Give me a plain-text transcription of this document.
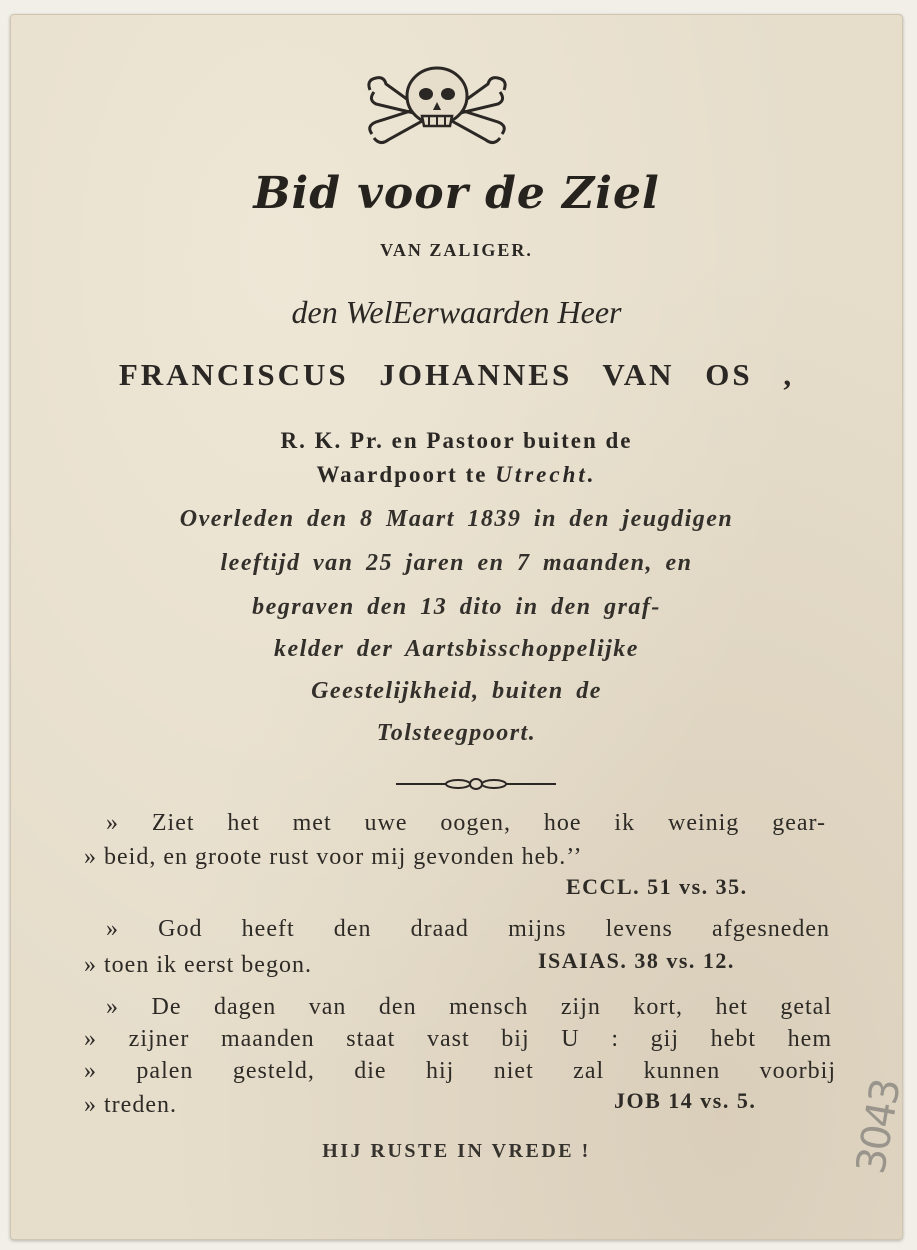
Bid voor de Ziel
VAN ZALIGER.
den WelEerwaarden Heer
FRANCISCUS JOHANNES VAN OS ,
R. K. Pr. en Pastoor buiten de
Waardpoort te Utrecht.
Overleden den 8 Maart 1839 in den jeugdigen
leeftijd van 25 jaren en 7 maanden, en
begraven den 13 dito in den graf-
kelder der Aartsbisschoppelijke
Geestelijkheid, buiten de
Tolsteegpoort.
» Ziet het met uwe oogen, hoe ik weinig gear-
» beid, en groote rust voor mij gevonden heb.’’
ECCL. 51 vs. 35.
» God heeft den draad mijns levens afgesneden
» toen ik eerst begon.	ISAIAS. 38 vs. 12.
» De dagen van den mensch zijn kort, het getal
» zijner maanden staat vast bij U : gij hebt hem
» palen gesteld, die hij niet zal kunnen voorbij
» treden.	JOB 14 vs. 5.
HIJ RUSTE IN VREDE !	3043
